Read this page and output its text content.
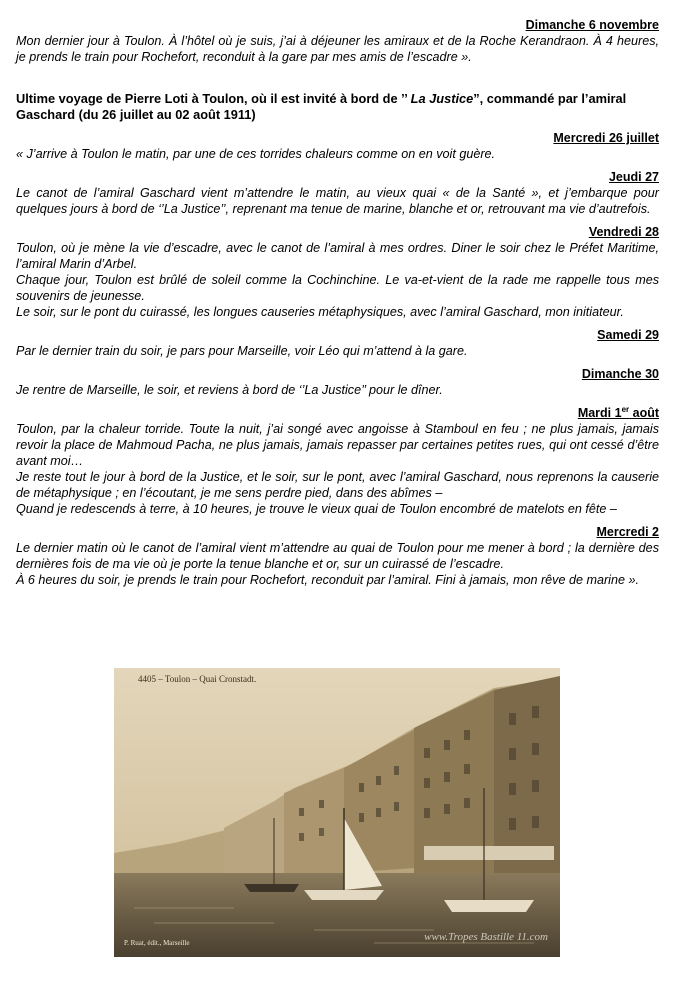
Dimanche 6 novembre

Mon dernier jour à Toulon. À l’hôtel où je suis, j’ai à déjeuner les amiraux et de la Roche Kerandraon. À 4 heures, je prends le train pour Rochefort, reconduit à la gare par mes amis de l’escadre ».

Ultime voyage de Pierre Loti à Toulon, où il est invité à bord de ’’ La Justice”, commandé par l’amiral Gaschard (du 26 juillet au 02 août 1911)

Mercredi 26 juillet

« J’arrive à Toulon le matin, par une de ces torrides chaleurs comme on en voit guère.

Jeudi 27

Le canot de l’amiral Gaschard vient m’attendre le matin, au vieux quai « de la Santé », et j’embarque pour quelques jours à bord de ‘’La Justice’’, reprenant ma tenue de marine, blanche et or, retrouvant ma vie d’autrefois.

Vendredi 28

Toulon, où je mène la vie d’escadre, avec le canot de l’amiral à mes ordres. Diner le soir chez le Préfet Maritime, l’amiral Marin d’Arbel.

Chaque jour, Toulon est brûlé de soleil comme la Cochinchine. Le va-et-vient de la rade me rappelle tous mes souvenirs de jeunesse.

Le soir, sur le pont du cuirassé, les longues causeries métaphysiques, avec l’amiral Gaschard, mon initiateur.

Samedi 29

Par le dernier train du soir, je pars pour Marseille, voir Léo qui m’attend à la gare.

Dimanche 30

Je rentre de Marseille, le soir, et reviens à bord de ‘’La Justice’’ pour le dîner.

Mardi 1er août

Toulon, par la chaleur torride. Toute la nuit, j’ai songé avec angoisse à Stamboul en feu ; ne plus jamais, jamais revoir la place de Mahmoud Pacha, ne plus jamais, jamais repasser par certaines petites rues, qui ont cessé d’être avant moi…

Je reste tout le jour à bord de la Justice, et le soir, sur le pont, avec l’amiral Gaschard, nous reprenons la causerie de métaphysique ; en l’écoutant, je me sens perdre pied, dans des abîmes –

Quand je redescends à terre, à 10 heures, je trouve le vieux quai de Toulon encombré de matelots en fête –

Mercredi 2

Le dernier matin où le canot de l’amiral vient m’attendre au quai de Toulon pour me mener à bord ; la dernière des dernières fois de ma vie où je porte la tenue blanche et or, sur un cuirassé de l’escadre.

À 6 heures du soir, je prends le train pour Rochefort, reconduit par l’amiral. Fini à jamais, mon rêve de marine ».

4405 – Toulon – Quai Cronstadt.
P. Ruat, édit., Marseille	www.Tropes Bastille 11.com
